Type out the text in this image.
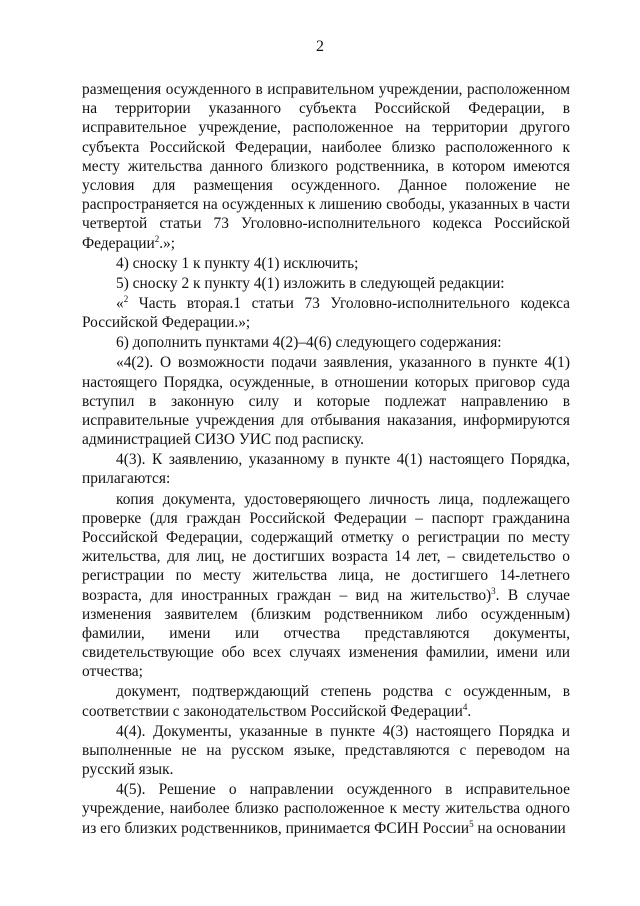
2

размещения осужденного в исправительном учреждении, расположенном на территории указанного субъекта Российской Федерации, в исправительное учреждение, расположенное на территории другого субъекта Российской Федерации, наиболее близко расположенного к месту жительства данного близкого родственника, в котором имеются условия для размещения осужденного. Данное положение не распространяется на осужденных к лишению свободы, указанных в части четвертой статьи 73 Уголовно-исполнительного кодекса Российской Федерации$^2$.»;

4) сноску 1 к пункту 4(1) исключить;

5) сноску 2 к пункту 4(1) изложить в следующей редакции:

«$^2$ Часть вторая.1 статьи 73 Уголовно-исполнительного кодекса Российской Федерации.»;

6) дополнить пунктами 4(2)–4(6) следующего содержания:

«4(2). О возможности подачи заявления, указанного в пункте 4(1) настоящего Порядка, осужденные, в отношении которых приговор суда вступил в законную силу и которые подлежат направлению в исправительные учреждения для отбывания наказания, информируются администрацией СИЗО УИС под расписку.

4(3). К заявлению, указанному в пункте 4(1) настоящего Порядка, прилагаются:

копия документа, удостоверяющего личность лица, подлежащего проверке (для граждан Российской Федерации – паспорт гражданина Российской Федерации, содержащий отметку о регистрации по месту жительства, для лиц, не достигших возраста 14 лет, – свидетельство о регистрации по месту жительства лица, не достигшего 14-летнего возраста, для иностранных граждан – вид на жительство)$^3$. В случае изменения заявителем (близким родственником либо осужденным) фамилии, имени или отчества представляются документы, свидетельствующие обо всех случаях изменения фамилии, имени или отчества;

документ, подтверждающий степень родства с осужденным, в соответствии с законодательством Российской Федерации$^4$.

4(4). Документы, указанные в пункте 4(3) настоящего Порядка и выполненные не на русском языке, представляются с переводом на русский язык.

4(5). Решение о направлении осужденного в исправительное учреждение, наиболее близко расположенное к месту жительства одного из его близких родственников, принимается ФСИН России$^5$ на основании
